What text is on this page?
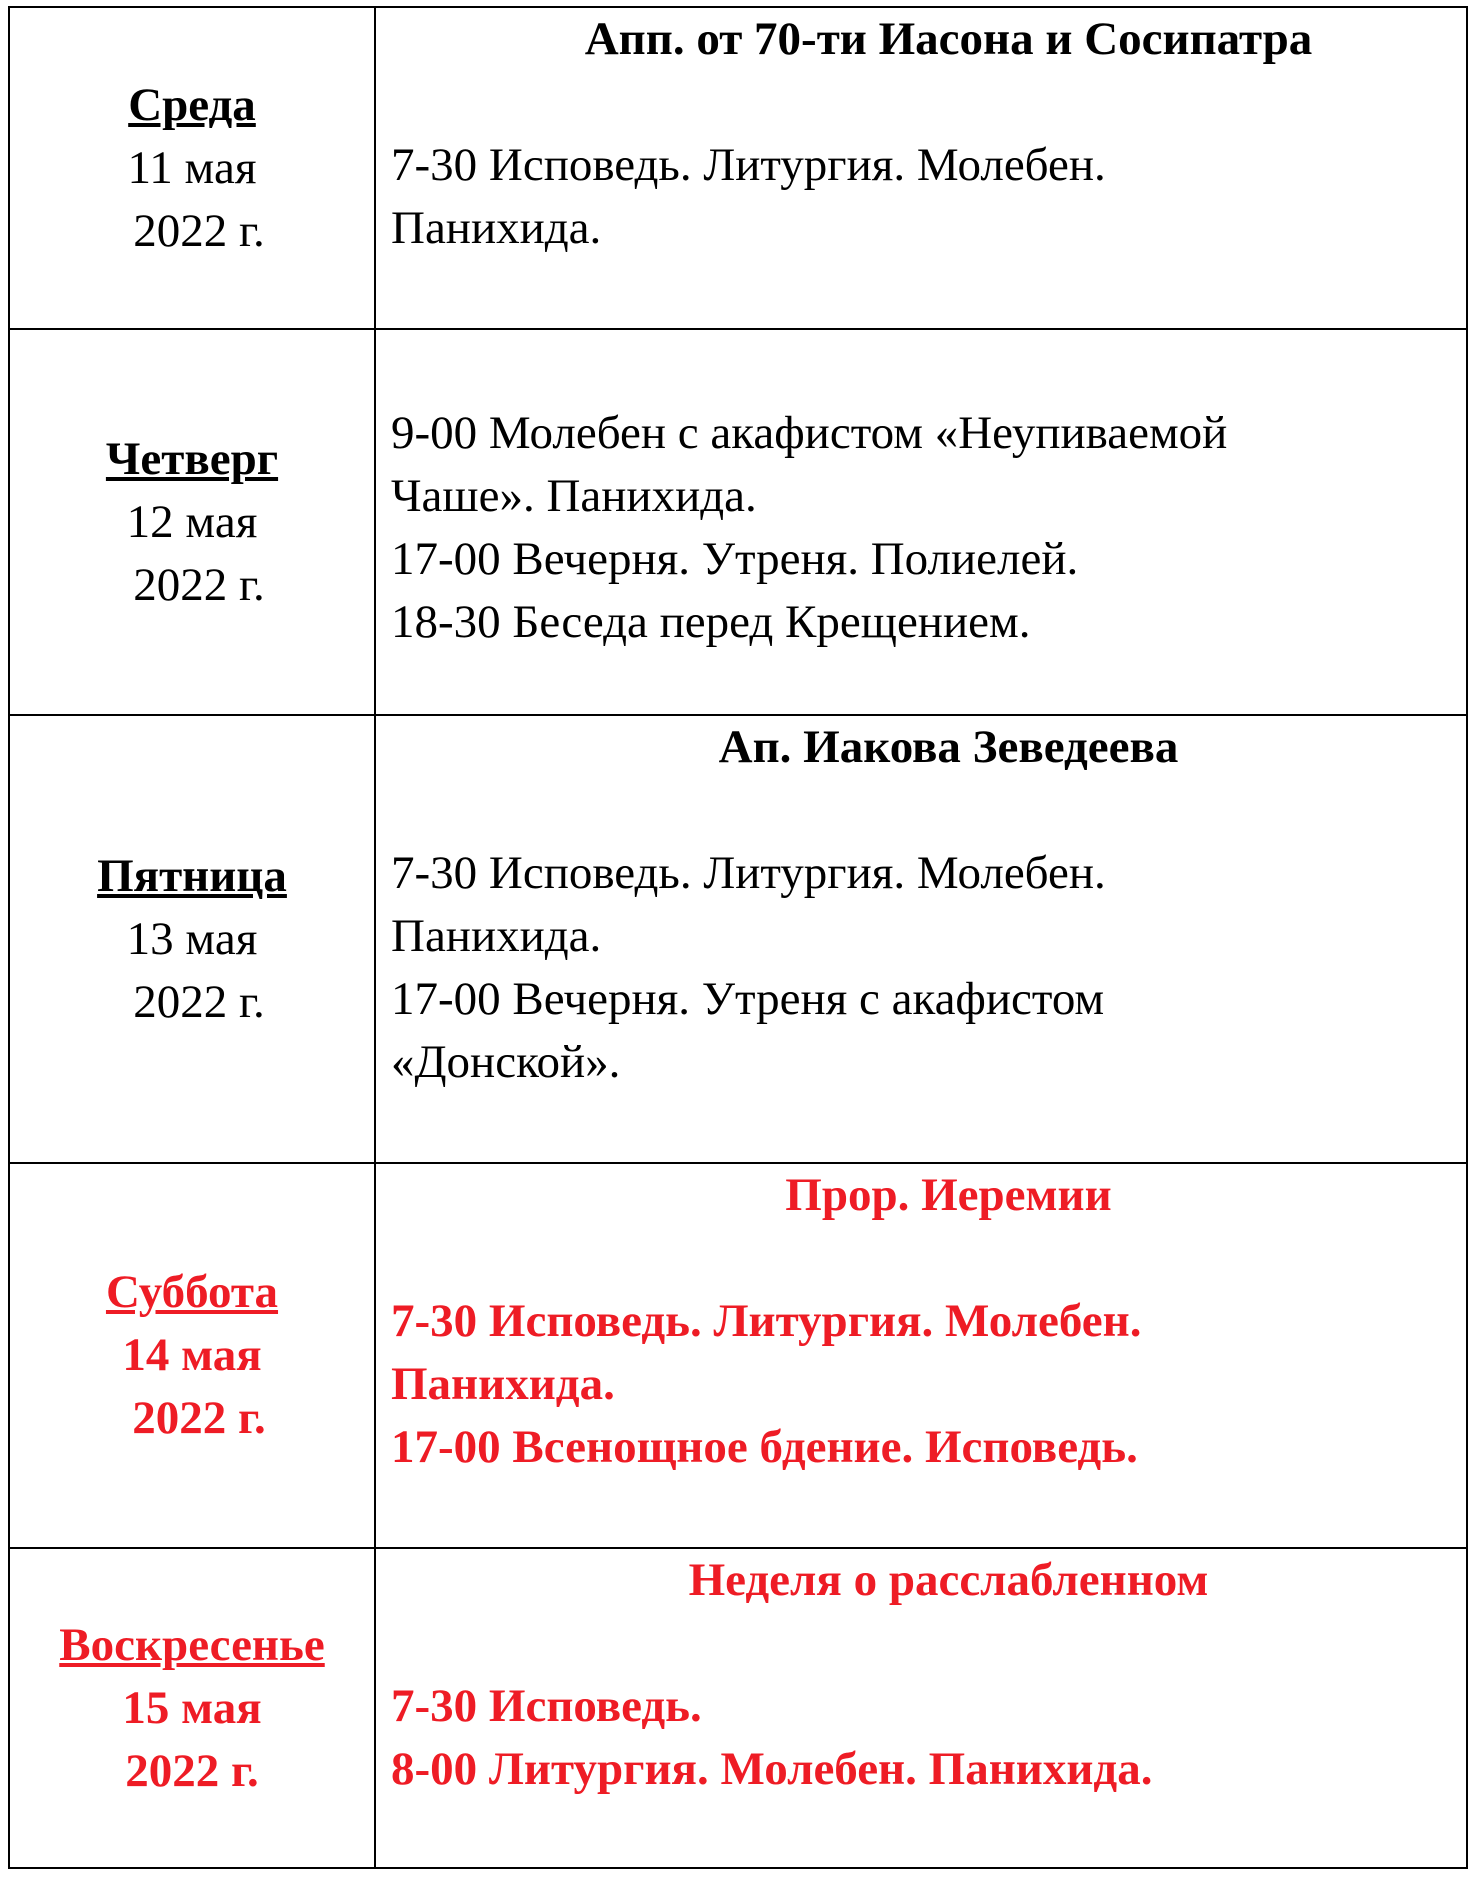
Среда
11 мая
2022 г.	Апп. от 70-ти Иасона и Сосипатра
7-30 Исповедь. Литургия. Молебен.
Панихида.

Четверг
12 мая
2022 г.	9-00 Молебен с акафистом «Неупиваемой
Чаше». Панихида.
17-00 Вечерня. Утреня. Полиелей.
18-30 Беседа перед Крещением.

Пятница
13 мая
2022 г.	Ап. Иакова Зеведеева
7-30 Исповедь. Литургия. Молебен.
Панихида.
17-00 Вечерня. Утреня с акафистом
«Донской».

Суббота
14 мая
2022 г.	Прор. Иеремии
7-30 Исповедь. Литургия. Молебен.
Панихида.
17-00 Всенощное бдение. Исповедь.

Воскресенье
15 мая
2022 г.	Неделя о расслабленном
7-30 Исповедь.
8-00 Литургия. Молебен. Панихида.
